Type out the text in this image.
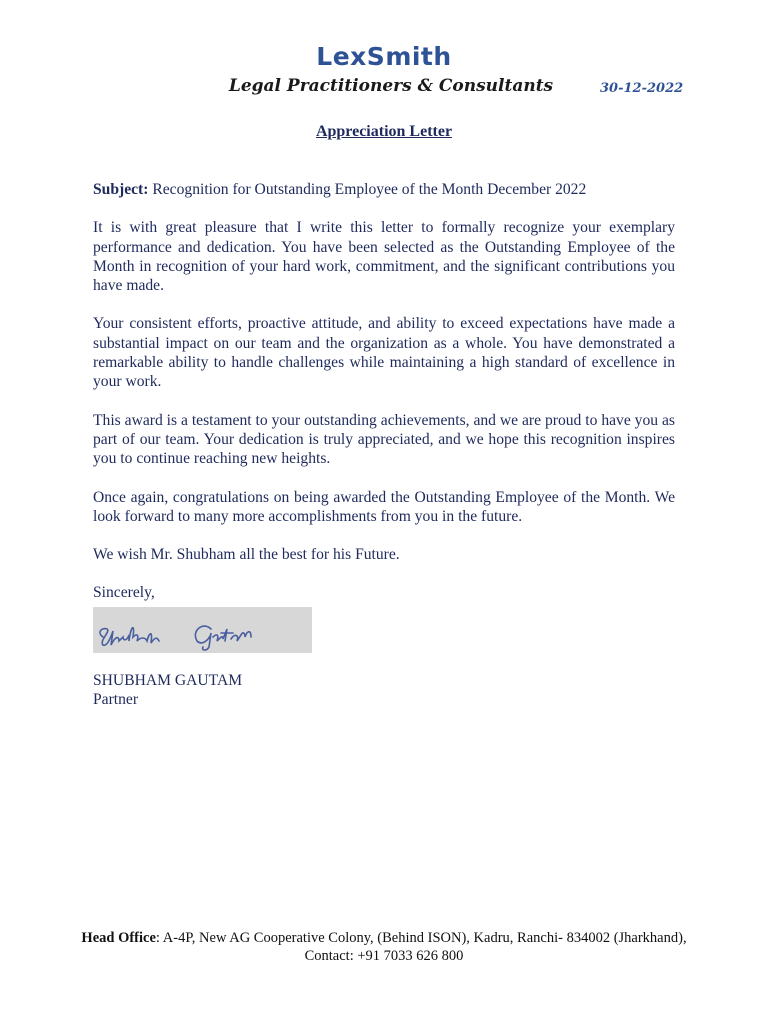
LexSmith
Legal Practitioners & Consultants	30-12-2022
Appreciation Letter

Subject: Recognition for Outstanding Employee of the Month December 2022

It is with great pleasure that I write this letter to formally recognize your exemplary performance and dedication. You have been selected as the Outstanding Employee of the Month in recognition of your hard work, commitment, and the significant contributions you have made.

Your consistent efforts, proactive attitude, and ability to exceed expectations have made a substantial impact on our team and the organization as a whole. You have demonstrated a remarkable ability to handle challenges while maintaining a high standard of excellence in your work.

This award is a testament to your outstanding achievements, and we are proud to have you as part of our team. Your dedication is truly appreciated, and we hope this recognition inspires you to continue reaching new heights.

Once again, congratulations on being awarded the Outstanding Employee of the Month. We look forward to many more accomplishments from you in the future.

We wish Mr. Shubham all the best for his Future.

Sincerely,
SHUBHAM GAUTAM
Partner
Head Office: A-4P, New AG Cooperative Colony, (Behind ISON), Kadru, Ranchi- 834002 (Jharkhand), Contact: +91 7033 626 800
